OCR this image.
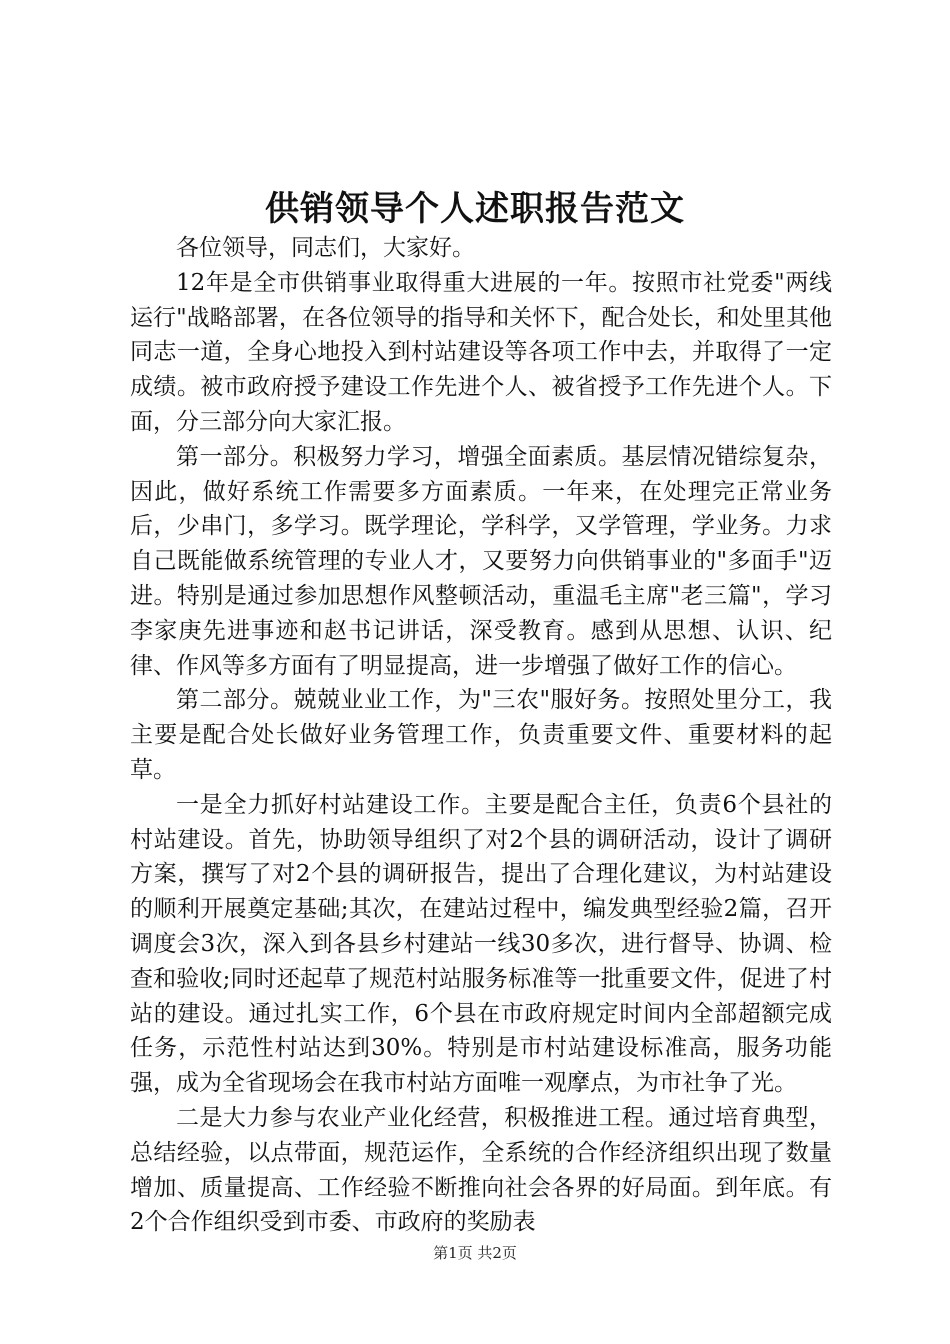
供销领导个人述职报告范文

各位领导，同志们，大家好。

12年是全市供销事业取得重大进展的一年。按照市社党委"两线运行"战略部署，在各位领导的指导和关怀下，配合处长，和处里其他同志一道，全身心地投入到村站建设等各项工作中去，并取得了一定成绩。被市政府授予建设工作先进个人、被省授予工作先进个人。下面，分三部分向大家汇报。

第一部分。积极努力学习，增强全面素质。基层情况错综复杂，因此，做好系统工作需要多方面素质。一年来，在处理完正常业务后，少串门，多学习。既学理论，学科学，又学管理，学业务。力求自己既能做系统管理的专业人才，又要努力向供销事业的"多面手"迈进。特别是通过参加思想作风整顿活动，重温毛主席"老三篇"，学习李家庚先进事迹和赵书记讲话，深受教育。感到从思想、认识、纪律、作风等多方面有了明显提高，进一步增强了做好工作的信心。

第二部分。兢兢业业工作，为"三农"服好务。按照处里分工，我主要是配合处长做好业务管理工作，负责重要文件、重要材料的起草。

一是全力抓好村站建设工作。主要是配合主任，负责6个县社的村站建设。首先，协助领导组织了对2个县的调研活动，设计了调研方案，撰写了对2个县的调研报告，提出了合理化建议，为村站建设的顺利开展奠定基础;其次，在建站过程中，编发典型经验2篇，召开调度会3次，深入到各县乡村建站一线30多次，进行督导、协调、检查和验收;同时还起草了规范村站服务标准等一批重要文件，促进了村站的建设。通过扎实工作，6个县在市政府规定时间内全部超额完成任务，示范性村站达到30%。特别是市村站建设标准高，服务功能强，成为全省现场会在我市村站方面唯一观摩点，为市社争了光。

二是大力参与农业产业化经营，积极推进工程。通过培育典型，总结经验，以点带面，规范运作，全系统的合作经济组织出现了数量增加、质量提高、工作经验不断推向社会各界的好局面。到年底。有2个合作组织受到市委、市政府的奖励表

第1页 共2页
